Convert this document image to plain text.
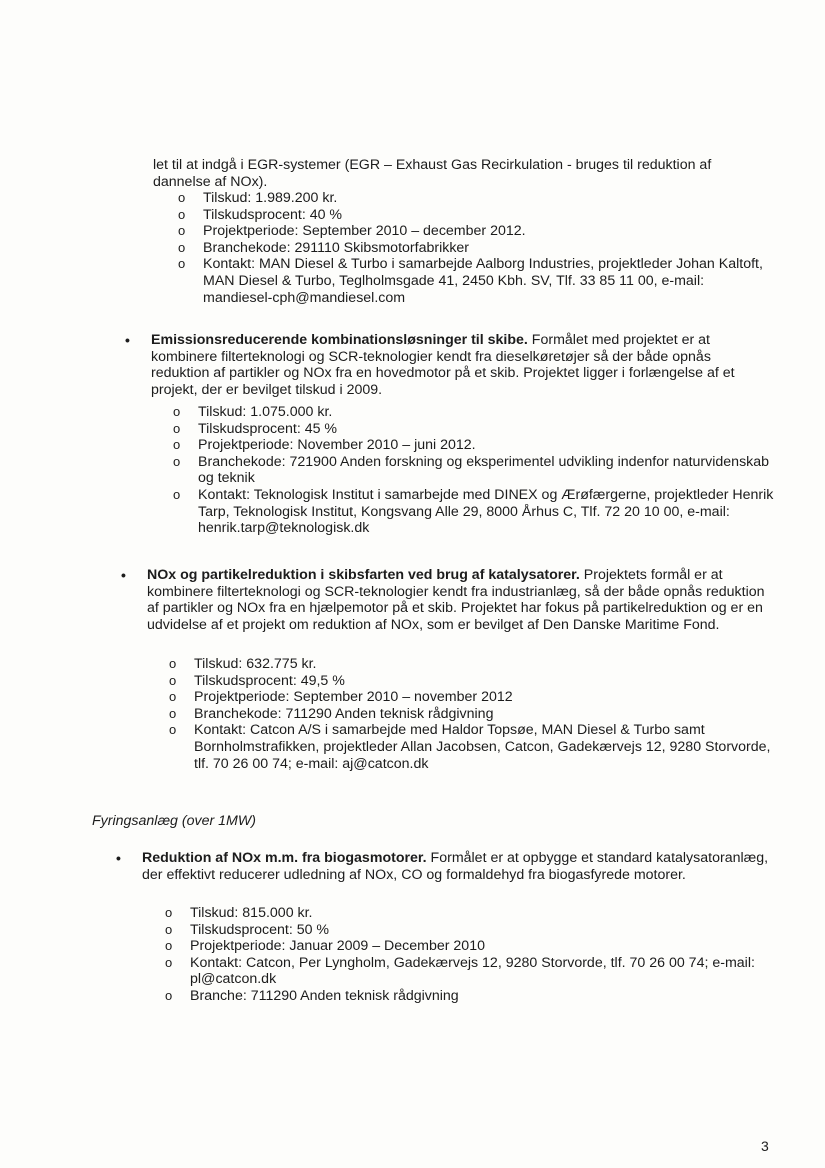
let til at indgå i EGR-systemer (EGR – Exhaust Gas Recirkulation - bruges til reduktion af dannelse af NOx).

o Tilskud: 1.989.200 kr.
o Tilskudsprocent: 40 %
o Projektperiode: September 2010 – december 2012.
o Branchekode: 291110 Skibsmotorfabrikker
o Kontakt: MAN Diesel & Turbo i samarbejde Aalborg Industries, projektleder Johan Kaltoft, MAN Diesel & Turbo, Teglholmsgade 41, 2450 Kbh. SV, Tlf. 33 85 11 00, e-mail: mandiesel-cph@mandiesel.com
• Emissionsreducerende kombinationsløsninger til skibe. Formålet med projektet er at kombinere filterteknologi og SCR-teknologier kendt fra dieselkøretøjer så der både opnås reduktion af partikler og NOx fra en hovedmotor på et skib. Projektet ligger i forlængelse af et projekt, der er bevilget tilskud i 2009.
o Tilskud: 1.075.000 kr.
o Tilskudsprocent: 45 %
o Projektperiode: November 2010 – juni 2012.
o Branchekode: 721900 Anden forskning og eksperimentel udvikling indenfor naturvidenskab og teknik
o Kontakt: Teknologisk Institut i samarbejde med DINEX og Ærøfærgerne, projektleder Henrik Tarp, Teknologisk Institut, Kongsvang Alle 29, 8000 Århus C, Tlf. 72 20 10 00, e-mail: henrik.tarp@teknologisk.dk
• NOx og partikelreduktion i skibsfarten ved brug af katalysatorer. Projektets formål er at kombinere filterteknologi og SCR-teknologier kendt fra industrianlæg, så der både opnås reduktion af partikler og NOx fra en hjælpemotor på et skib. Projektet har fokus på partikelreduktion og er en udvidelse af et projekt om reduktion af NOx, som er bevilget af Den Danske Maritime Fond.
o Tilskud: 632.775 kr.
o Tilskudsprocent: 49,5 %
o Projektperiode: September 2010 – november 2012
o Branchekode: 711290 Anden teknisk rådgivning
o Kontakt: Catcon A/S i samarbejde med Haldor Topsøe, MAN Diesel & Turbo samt Bornholmstrafikken, projektleder Allan Jacobsen, Catcon, Gadekærvejs 12, 9280 Storvorde, tlf. 70 26 00 74; e-mail: aj@catcon.dk
Fyringsanlæg (over 1MW)
• Reduktion af NOx m.m. fra biogasmotorer. Formålet er at opbygge et standard katalysatoranlæg, der effektivt reducerer udledning af NOx, CO og formaldehyd fra biogasfyrede motorer.
o Tilskud: 815.000 kr.
o Tilskudsprocent: 50 %
o Projektperiode: Januar 2009 – December 2010
o Kontakt: Catcon, Per Lyngholm, Gadekærvejs 12, 9280 Storvorde, tlf. 70 26 00 74; e-mail: pl@catcon.dk
o Branche: 711290 Anden teknisk rådgivning
3
